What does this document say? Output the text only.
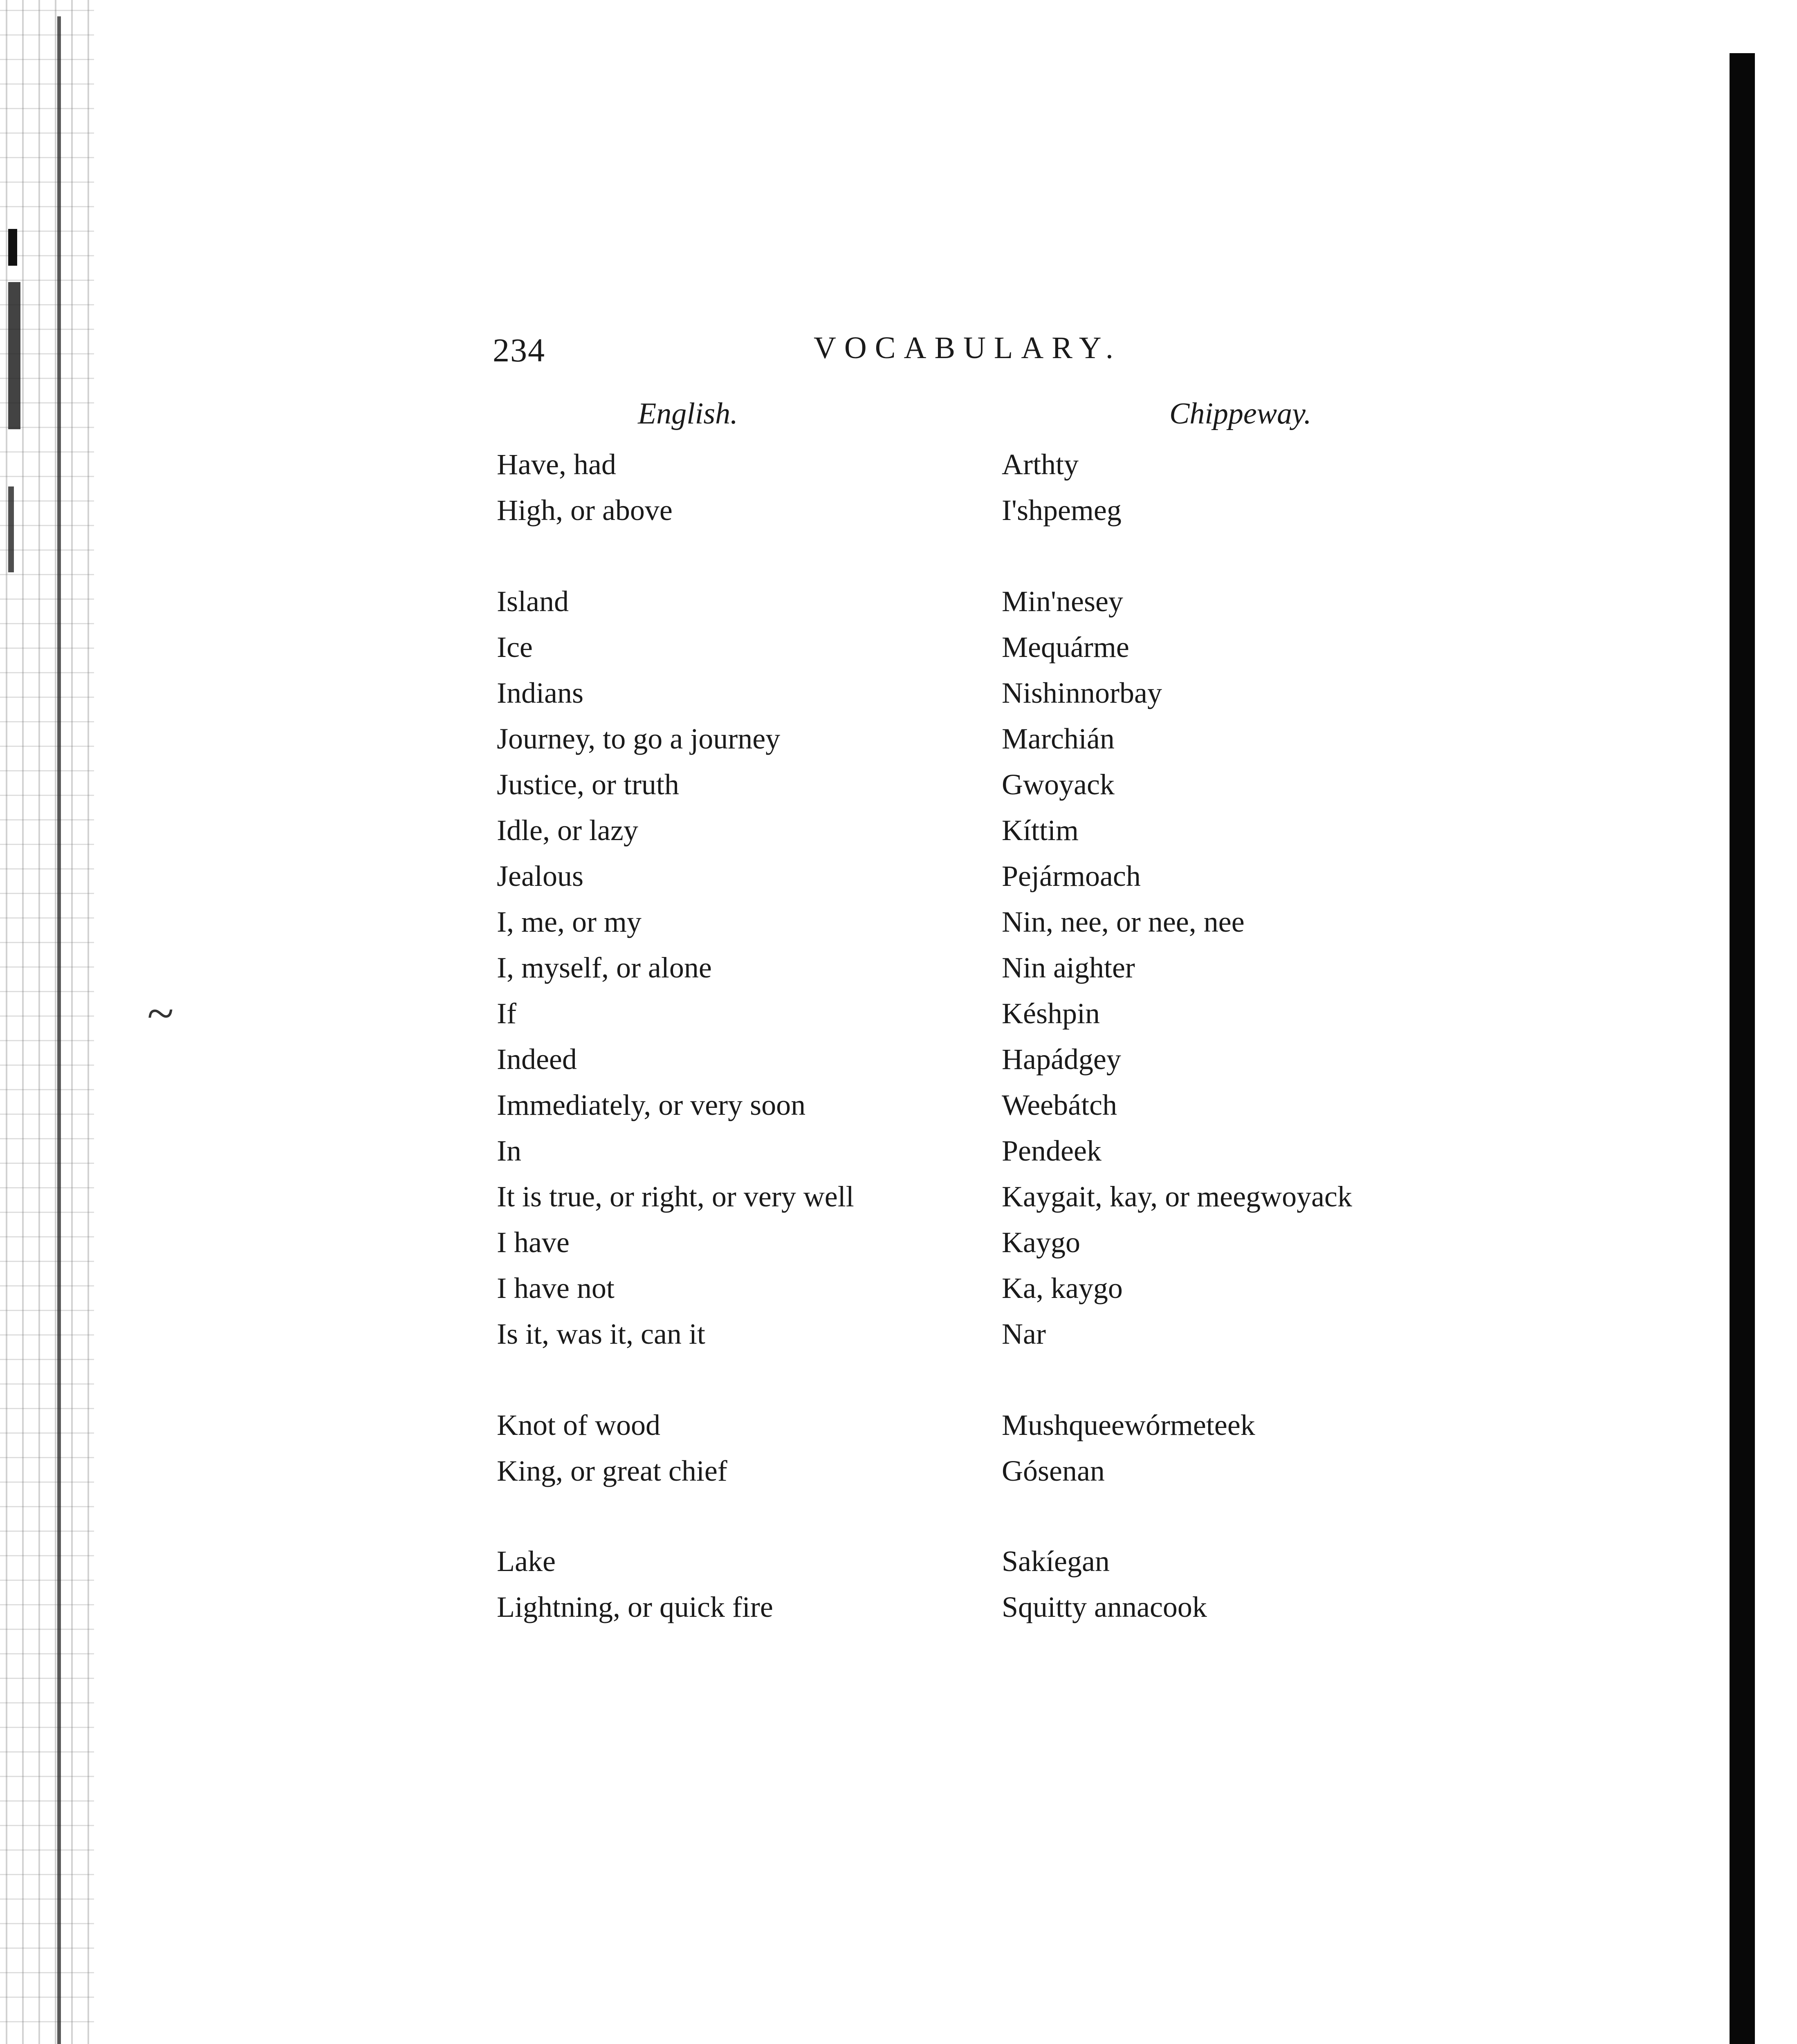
234	VOCABULARY.
English.	Chippeway.
Have, had	Arthty
High, or above	I'shpemeg
Island	Min'nesey
Ice	Mequárme
Indians	Nishinnorbay
Journey, to go a journey	Marchián
Justice, or truth	Gwoyack
Idle, or lazy	Kíttim
Jealous	Pejármoach
I, me, or my	Nin, nee, or nee, nee
I, myself, or alone	Nin aighter
If	Késhpin
Indeed	Hapádgey
Immediately, or very soon	Weebátch
In	Pendeek
It is true, or right, or very well	Kaygait, kay, or meegwoyack
I have	Kaygo
I have not	Ka, kaygo
Is it, was it, can it	Nar
Knot of wood	Mushqueewórmeteek
King, or great chief	Gósenan
Lake	Sakíegan
Lightning, or quick fire	Squitty annacook
~
